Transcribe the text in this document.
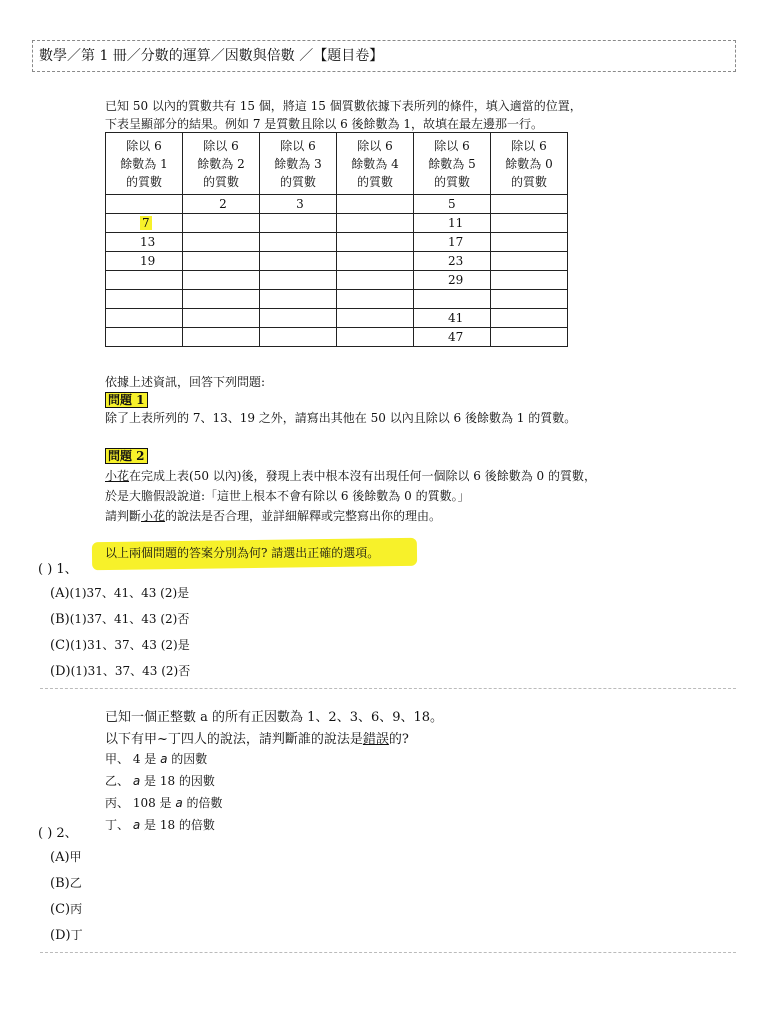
數學／第 1 冊／分數的運算／因數與倍數 ／【題目卷】
已知 50 以內的質數共有 15 個，將這 15 個質數依據下表所列的條件，填入適當的位置，
下表呈顯部分的結果。例如 7 是質數且除以 6 後餘數為 1，故填在最左邊那一行。
除以 6
餘數為 1
的質數	除以 6
餘數為 2
的質數	除以 6
餘數為 3
的質數	除以 6
餘數為 4
的質數	除以 6
餘數為 5
的質數	除以 6
餘數為 0
的質數
	2	3		5	
7				11	
13				17	
19				23	
				29	

				41	
				47	
依據上述資訊，回答下列問題:
問題 1
除了上表所列的 7、13、19 之外，請寫出其他在 50 以內且除以 6 後餘數為 1 的質數。
問題 2
小花在完成上表(50 以內)後，發現上表中根本沒有出現任何一個除以 6 後餘數為 0 的質數，
於是大膽假設說道:「這世上根本不會有除以 6 後餘數為 0 的質數。」
請判斷小花的說法是否合理，並詳細解釋或完整寫出你的理由。
以上兩個問題的答案分別為何? 請選出正確的選項。
( ) 1、
(A)(1)37、41、43 (2)是
(B)(1)37、41、43 (2)否
(C)(1)31、37、43 (2)是
(D)(1)31、37、43 (2)否
已知一個正整數 a 的所有正因數為 1、2、3、6、9、18。
以下有甲~丁四人的說法，請判斷誰的說法是錯誤的?
甲、 4 是 a 的因數
乙、 a 是 18 的因數
丙、 108 是 a 的倍數
丁、 a 是 18 的倍數
( ) 2、
(A)甲
(B)乙
(C)丙
(D)丁
